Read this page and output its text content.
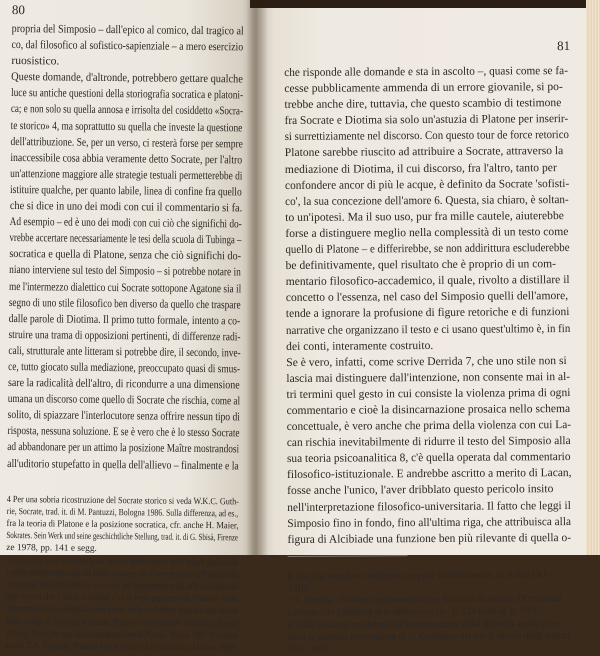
80
propria del Simposio – dall'epico al comico, dal tragico al
co, dal filosofico al sofistico-sapienziale – a mero esercizio
ruosistico.
Queste domande, d'altronde, potrebbero gettare qualche
luce su antiche questioni della storiografia socratica e platoni-
ca; e non solo su quella annosa e irrisolta del cosiddetto «Socra-
te storico» 4, ma soprattutto su quella che investe la questione
dell'attribuzione. Se, per un verso, ci resterà forse per sempre
inaccessibile cosa abbia veramente detto Socrate, per l'altro
un'attenzione maggiore alle strategie testuali permetterebbe di
istituire qualche, per quanto labile, linea di confine fra quello
che si dice in uno dei modi con cui il commentario si fa.
Ad esempio – ed è uno dei modi con cui ciò che significhi do-
vrebbe accertare necessariamente le tesi della scuola di Tubinga –
socratica e quella di Platone, senza che ciò significhi do-
niano interviene sul testo del Simposio – si potrebbe notare in
me l'intermezzo dialettico cui Socrate sottopone Agatone sia il
segno di uno stile filosofico ben diverso da quello che traspare
dalle parole di Diotima. Il primo tutto formale, intento a co-
struire una trama di opposizioni pertinenti, di differenze radi-
cali, strutturale ante litteram si potrebbe dire, il secondo, inve-
ce, tutto giocato sulla mediazione, preoccupato quasi di smus-
sare la radicalità dell'altro, di ricondurre a una dimensione
umana un discorso come quello di Socrate che rischia, come al
solito, di spiazzare l'interlocutore senza offrire nessun tipo di
risposta, nessuna soluzione. E se è vero che è lo stesso Socrate
ad abbandonare per un attimo la posizione Maître mostrandosi
all'uditorio stupefatto in quella dell'allievo – finalmente e la
4 Per una sobria ricostruzione del Socrate storico si veda W.K.C. Guth-
rie, Socrate, trad. it. di M. Pantuzzi, Bologna 1986. Sulla differenza, ad es.,
fra la teoria di Platone e la posizione socratica, cfr. anche H. Maier,
Sokrates. Sein Werk und seine geschichtliche Stellung, trad. it. di G. Sbisà, Firenze
ze 1978, pp. 141 e segg.
5 Che, come si sa, prendendo sul serio le affermazioni delle lettere platoniche
e quella autotestimonianza del Fedro, sostiene che il vero pensiero di Platone vada
ricercato nel fondo nelle dottrine non scritte, nell'insegnamento orale, nelle considerazioni
anti-scritti del Fedro, sostiene che il vero pensiero di Platone vada
ricercato nel solo insegnamento orale, nelle cosiddette dottrine non scritte
Sulla scuola di Tubinga: K.Gaiser, Platone come scrittore filosofico, Napoli
1984; G. Reale, Per una nuova interpretazione di Platone, Milano 1987. Si vedano
anche T.A. Szlezák, Platone e la scrittura della filosofia, Milano 1989.
81
che risponde alle domande e sta in ascolto –, quasi come se fa-
cesse pubblicamente ammenda di un errore giovanile, si po-
trebbe anche dire, tuttavia, che questo scambio di testimone
fra Socrate e Diotima sia solo un'astuzia di Platone per inserir-
si surrettiziamente nel discorso. Con questo tour de force retorico
Platone sarebbe riuscito ad attribuire a Socrate, attraverso la
mediazione di Diotima, il cui discorso, fra l'altro, tanto per
confondere ancor di più le acque, è definito da Socrate 'sofisti-
co', la sua concezione dell'amore 6. Questa, sia chiaro, è soltan-
to un'ipotesi. Ma il suo uso, pur fra mille cautele, aiuterebbe
forse a distinguere meglio nella complessità di un testo come
quello di Platone – e differirebbe, se non addirittura escluderebbe
be definitivamente, quel risultato che è proprio di un com-
mentario filosofico-accademico, il quale, rivolto a distillare il
concetto o l'essenza, nel caso del Simposio quelli dell'amore,
tende a ignorare la profusione di figure retoriche e di funzioni
narrative che organizzano il testo e ci usano quest'ultimo è, in fin
dei conti, interamente costruito.
Se è vero, infatti, come scrive Derrida 7, che uno stile non si
lascia mai distinguere dall'intenzione, non consente mai in al-
tri termini quel gesto in cui consiste la violenza prima di ogni
commentario e cioè la disincarnazione prosaica nello schema
concettuale, è vero anche che prima della violenza con cui La-
can rischia inevitabilmente di ridurre il testo del Simposio alla
sua teoria psicoanalitica 8, c'è quella operata dal commentario
filosofico-istituzionale. E andrebbe ascritto a merito di Lacan,
fosse anche l'unico, l'aver dribblato questo pericolo insito
nell'interpretazione filosofico-universitaria. Il fatto che leggi il
Simposio fino in fondo, fino all'ultima riga, che attribuisca alla
figura di Alcibiade una funzione ben più rilevante di quella o-
6 Tesi che verrebbe confermata, seppur indirettamente, da Robin (XX-
VIII).
7 J. Derrida, «Violence et métaphysique. Essai sur la pensée d'Emmanuel
Levinas», in L'écriture et la différence, cit., p. 124 (trad. it. p. 105).
8 Sulle forzature moderne nell'interpretazione della filosofia antica si ve-
dano le puntuali osservazioni di G. Cambiano nel suo Il ritorno degli antichi,
Bari 1988.
